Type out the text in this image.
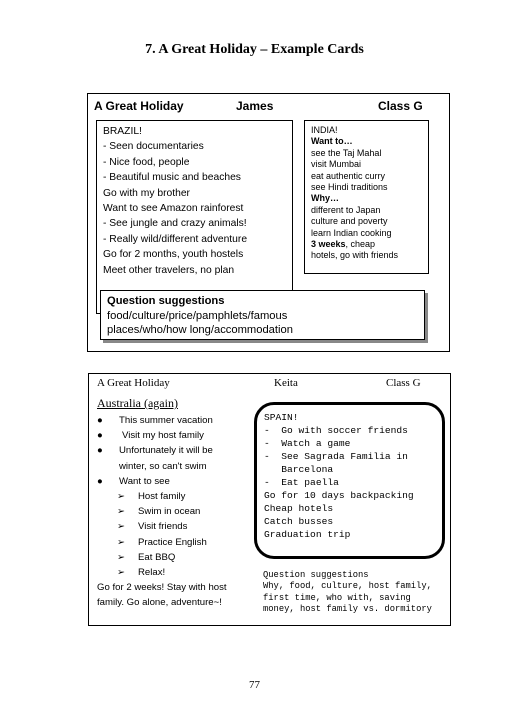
7. A Great Holiday – Example Cards
A Great Holiday	James	Class G
BRAZIL!
- Seen documentaries
- Nice food, people
- Beautiful music and beaches
Go with my brother
Want to see Amazon rainforest
- See jungle and crazy animals!
- Really wild/different adventure
Go for 2 months, youth hostels
Meet other travelers, no plan
INDIA!
Want to…
see the Taj Mahal
visit Mumbai
eat authentic curry
see Hindi traditions
Why…
different to Japan
culture and poverty
learn Indian cooking
3 weeks, cheap
hotels, go with friends
Question suggestions
food/culture/price/pamphlets/famous
places/who/how long/accommodation
A Great Holiday	Keita	Class G
Australia (again)
● This summer vacation
● Visit my host family
● Unfortunately it will be
winter, so can't swim
● Want to see
➢ Host family
➢ Swim in ocean
➢ Visit friends
➢ Practice English
➢ Eat BBQ
➢ Relax!
Go for 2 weeks! Stay with host
family. Go alone, adventure~!
SPAIN!
-  Go with soccer friends
-  Watch a game
-  See Sagrada Familia in
Barcelona
-  Eat paella
Go for 10 days backpacking
Cheap hotels
Catch busses
Graduation trip
Question suggestions
Why, food, culture, host family,
first time, who with, saving
money, host family vs. dormitory
77
